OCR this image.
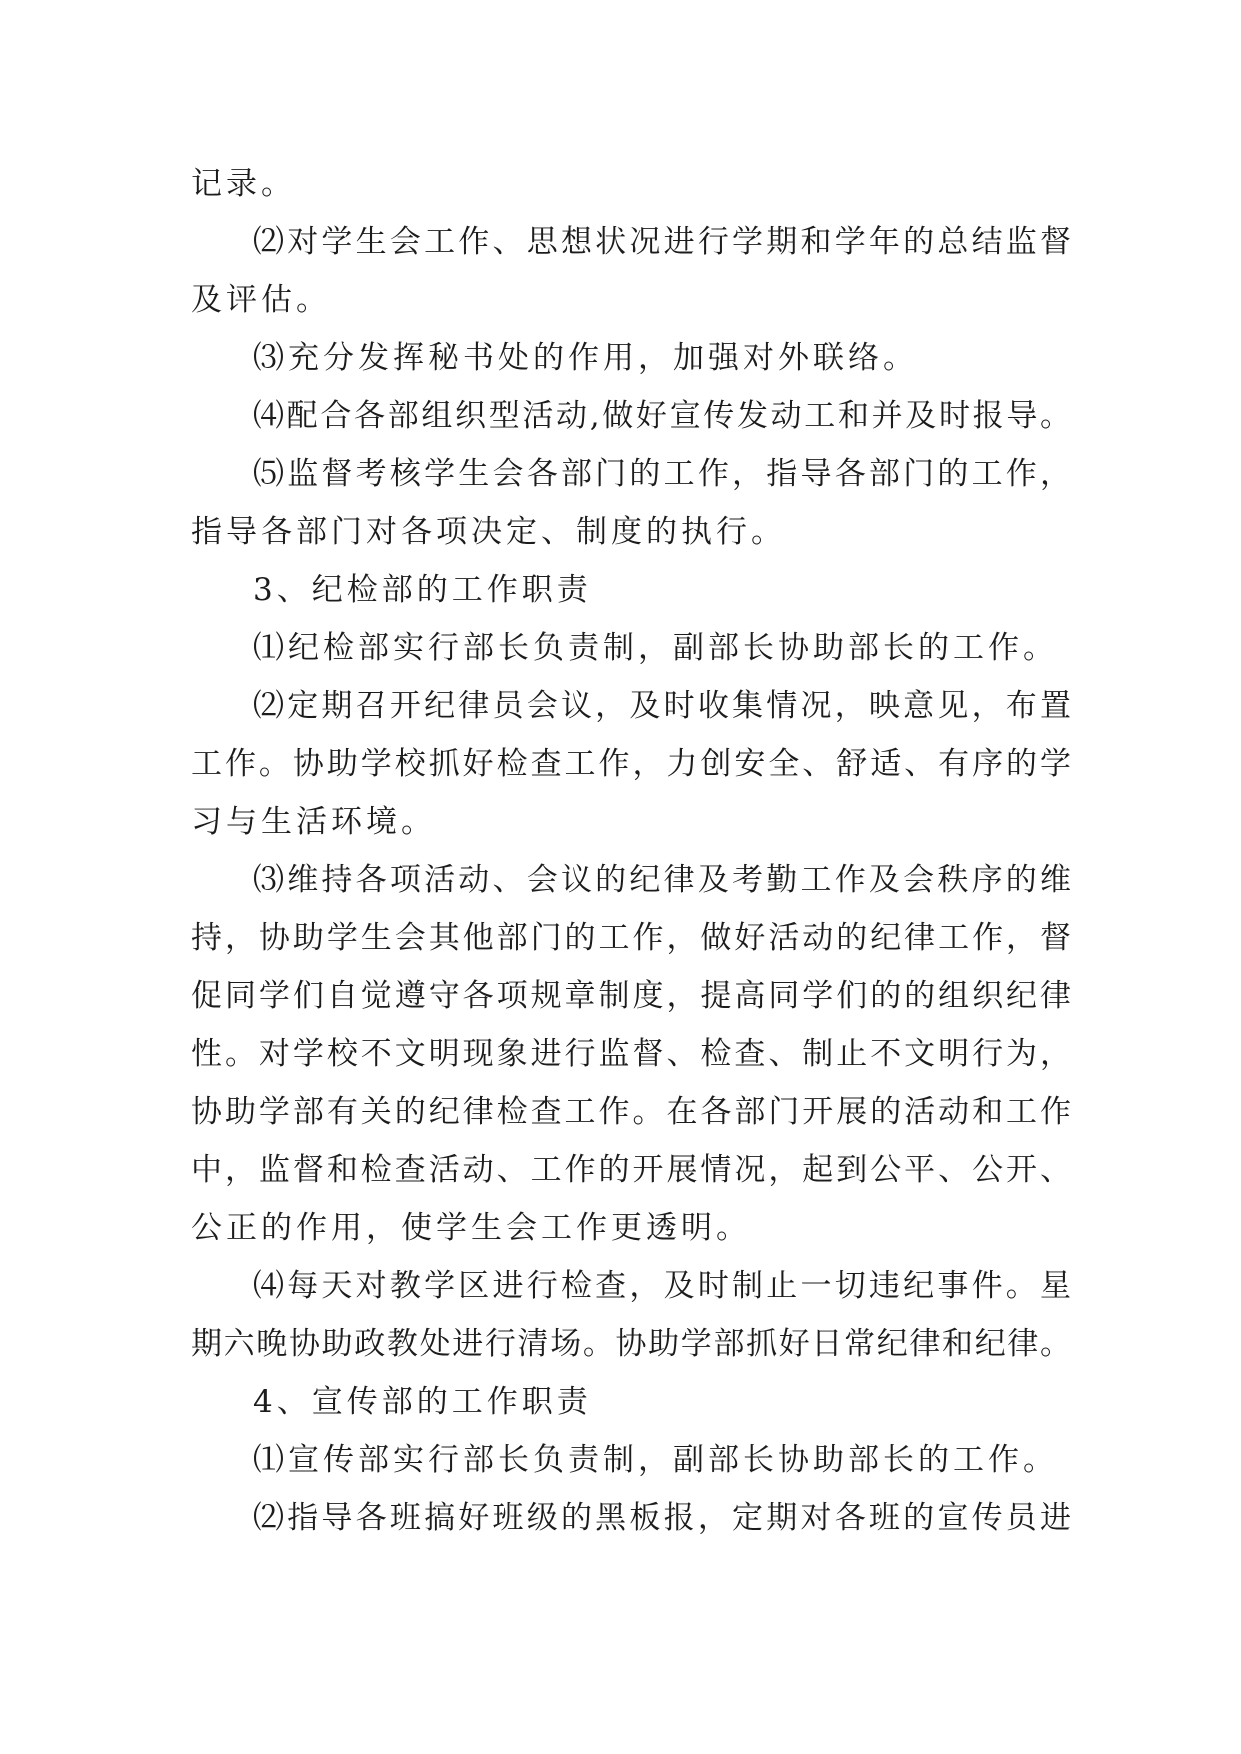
记录。
⑵对学生会工作、思想状况进行学期和学年的总结监督
及评估。
⑶充分发挥秘书处的作用，加强对外联络。
⑷配合各部组织型活动,做好宣传发动工和并及时报导。
⑸监督考核学生会各部门的工作，指导各部门的工作，
指导各部门对各项决定、制度的执行。
3、纪检部的工作职责
⑴纪检部实行部长负责制，副部长协助部长的工作。
⑵定期召开纪律员会议，及时收集情况，映意见，布置
工作。协助学校抓好检查工作，力创安全、舒适、有序的学
习与生活环境。
⑶维持各项活动、会议的纪律及考勤工作及会秩序的维
持，协助学生会其他部门的工作，做好活动的纪律工作，督
促同学们自觉遵守各项规章制度，提高同学们的的组织纪律
性。对学校不文明现象进行监督、检查、制止不文明行为，
协助学部有关的纪律检查工作。在各部门开展的活动和工作
中，监督和检查活动、工作的开展情况，起到公平、公开、
公正的作用，使学生会工作更透明。
⑷每天对教学区进行检查，及时制止一切违纪事件。星
期六晚协助政教处进行清场。协助学部抓好日常纪律和纪律。
4、宣传部的工作职责
⑴宣传部实行部长负责制，副部长协助部长的工作。
⑵指导各班搞好班级的黑板报，定期对各班的宣传员进
